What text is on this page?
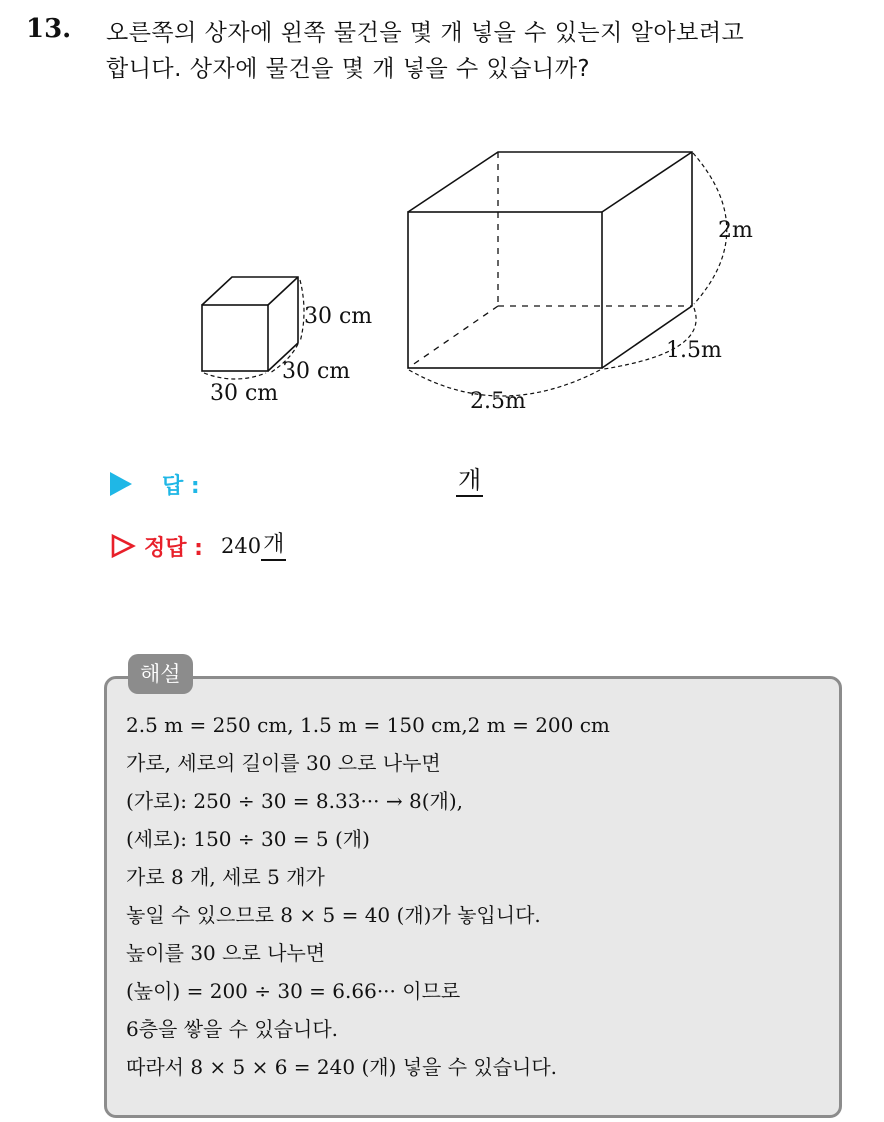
13. 오른쪽의 상자에 왼쪽 물건을 몇 개 넣을 수 있는지 알아보려고
합니다. 상자에 물건을 몇 개 넣을 수 있습니까?
30 cm
30 cm
30 cm
2m
1.5m
2.5m
답 :	개
정답 : 240 개
해설
2.5 m = 250 cm, 1.5 m = 150 cm,2 m = 200 cm
가로, 세로의 길이를 30 으로 나누면
(가로): 250 ÷ 30 = 8.33··· → 8(개),
(세로): 150 ÷ 30 = 5 (개)
가로 8 개, 세로 5 개가
놓일 수 있으므로 8 × 5 = 40 (개)가 놓입니다.
높이를 30 으로 나누면
(높이) = 200 ÷ 30 = 6.66··· 이므로
6층을 쌓을 수 있습니다.
따라서 8 × 5 × 6 = 240 (개) 넣을 수 있습니다.
